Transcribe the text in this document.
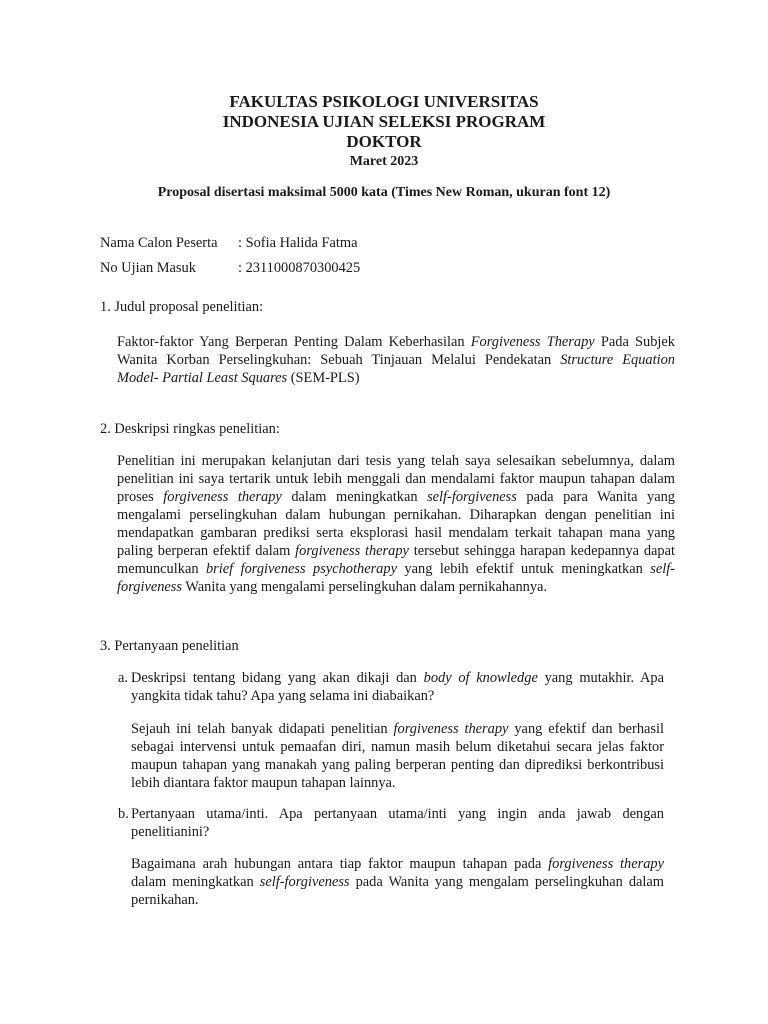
FAKULTAS PSIKOLOGI UNIVERSITAS
INDONESIA UJIAN SELEKSI PROGRAM
DOKTOR
Maret 2023
Proposal disertasi maksimal 5000 kata (Times New Roman, ukuran font 12)
Nama Calon Peserta : Sofia Halida Fatma
No Ujian Masuk	: 2311000870300425
1. Judul proposal penelitian:
Faktor-faktor Yang Berperan Penting Dalam Keberhasilan Forgiveness Therapy Pada Subjek Wanita Korban Perselingkuhan: Sebuah Tinjauan Melalui Pendekatan Structure Equation Model- Partial Least Squares (SEM-PLS)
2. Deskripsi ringkas penelitian:
Penelitian ini merupakan kelanjutan dari tesis yang telah saya selesaikan sebelumnya, dalam penelitian ini saya tertarik untuk lebih menggali dan mendalami faktor maupun tahapan dalam proses forgiveness therapy dalam meningkatkan self-forgiveness pada para Wanita yang mengalami perselingkuhan dalam hubungan pernikahan. Diharapkan dengan penelitian ini mendapatkan gambaran prediksi serta eksplorasi hasil mendalam terkait tahapan mana yang paling berperan efektif dalam forgiveness therapy tersebut sehingga harapan kedepannya dapat memunculkan brief forgiveness psychotherapy yang lebih efektif untuk meningkatkan self-forgiveness Wanita yang mengalami perselingkuhan dalam pernikahannya.
3. Pertanyaan penelitian
a. Deskripsi tentang bidang yang akan dikaji dan body of knowledge yang mutakhir. Apa yangkita tidak tahu? Apa yang selama ini diabaikan?
Sejauh ini telah banyak didapati penelitian forgiveness therapy yang efektif dan berhasil sebagai intervensi untuk pemaafan diri, namun masih belum diketahui secara jelas faktor maupun tahapan yang manakah yang paling berperan penting dan diprediksi berkontribusi lebih diantara faktor maupun tahapan lainnya.
b. Pertanyaan utama/inti. Apa pertanyaan utama/inti yang ingin anda jawab dengan penelitianini?
Bagaimana arah hubungan antara tiap faktor maupun tahapan pada forgiveness therapy dalam meningkatkan self-forgiveness pada Wanita yang mengalam perselingkuhan dalam pernikahan.
